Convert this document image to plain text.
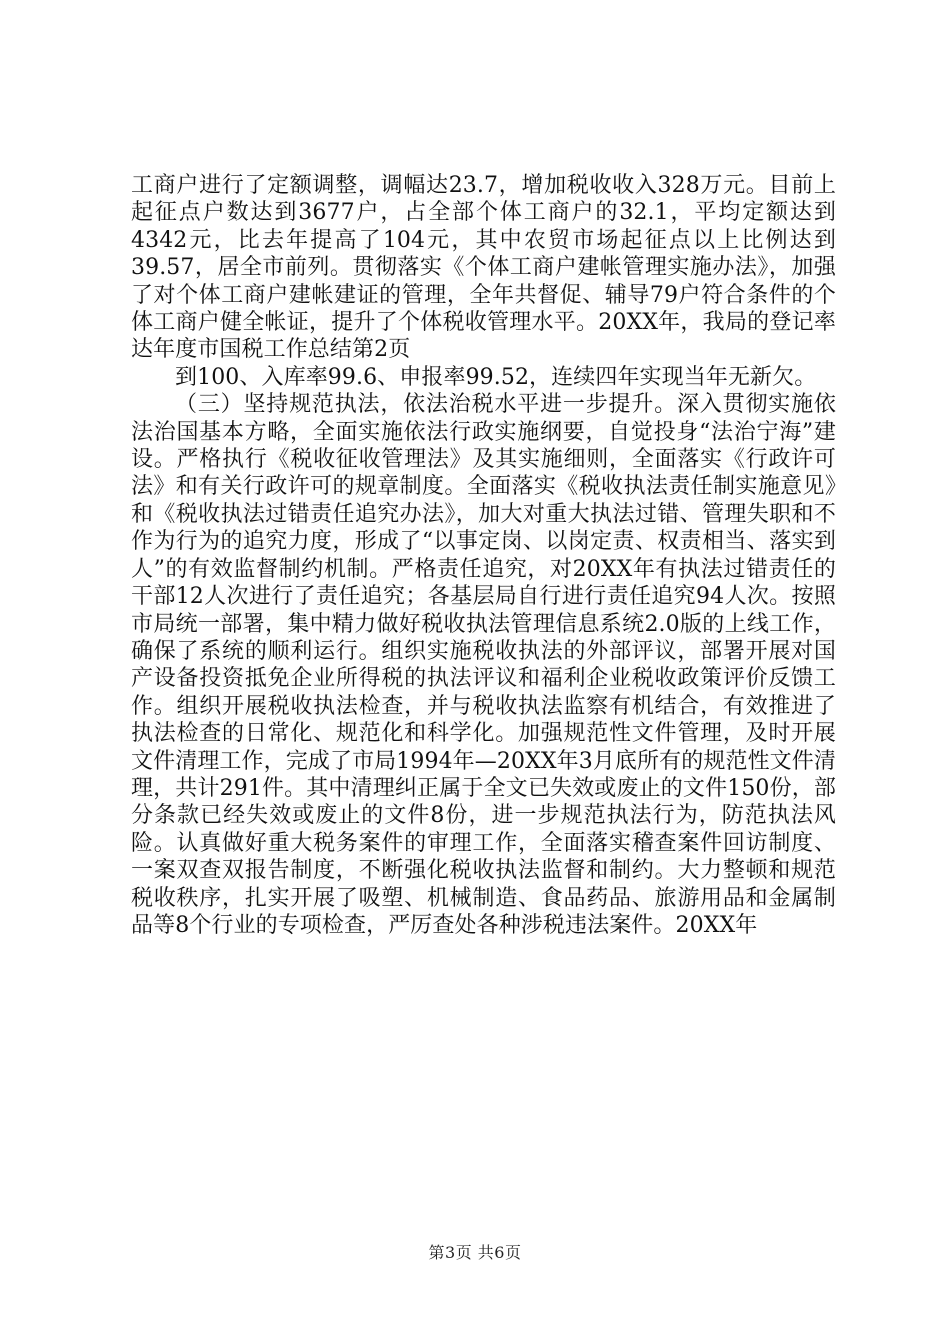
工商户进行了定额调整，调幅达23.7，增加税收收入328万元。目前上起征点户数达到3677户，占全部个体工商户的32.1，平均定额达到4342元，比去年提高了104元，其中农贸市场起征点以上比例达到39.57，居全市前列。贯彻落实《个体工商户建帐管理实施办法》，加强了对个体工商户建帐建证的管理，全年共督促、辅导79户符合条件的个体工商户健全帐证，提升了个体税收管理水平。20XX年，我局的登记率达年度市国税工作总结第2页

到100、入库率99.6、申报率99.52，连续四年实现当年无新欠。

（三）坚持规范执法，依法治税水平进一步提升。深入贯彻实施依法治国基本方略，全面实施依法行政实施纲要，自觉投身“法治宁海”建设。严格执行《税收征收管理法》及其实施细则，全面落实《行政许可法》和有关行政许可的规章制度。全面落实《税收执法责任制实施意见》和《税收执法过错责任追究办法》，加大对重大执法过错、管理失职和不作为行为的追究力度，形成了“以事定岗、以岗定责、权责相当、落实到人”的有效监督制约机制。严格责任追究，对20XX年有执法过错责任的干部12人次进行了责任追究；各基层局自行进行责任追究94人次。按照市局统一部署，集中精力做好税收执法管理信息系统2.0版的上线工作，确保了系统的顺利运行。组织实施税收执法的外部评议，部署开展对国产设备投资抵免企业所得税的执法评议和福利企业税收政策评价反馈工作。组织开展税收执法检查，并与税收执法监察有机结合，有效推进了执法检查的日常化、规范化和科学化。加强规范性文件管理，及时开展文件清理工作，完成了市局1994年—20XX年3月底所有的规范性文件清理，共计291件。其中清理纠正属于全文已失效或废止的文件150份，部分条款已经失效或废止的文件8份，进一步规范执法行为，防范执法风险。认真做好重大税务案件的审理工作，全面落实稽查案件回访制度、一案双查双报告制度，不断强化税收执法监督和制约。大力整顿和规范税收秩序，扎实开展了吸塑、机械制造、食品药品、旅游用品和金属制品等8个行业的专项检查，严厉查处各种涉税违法案件。20XX年

第3页 共6页
